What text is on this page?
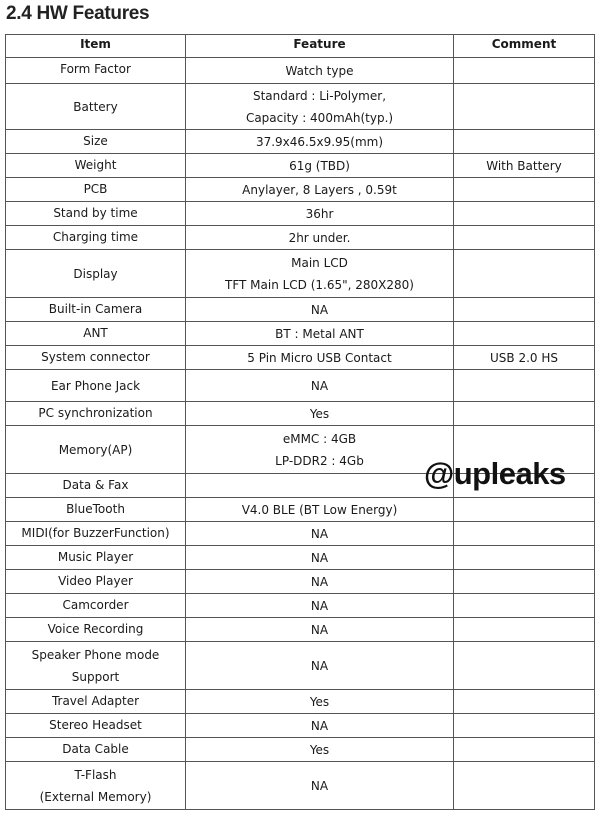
2.4 HW Features
Item	Feature	Comment

Form Factor	Watch type	

Battery	Standard : Li-Polymer,
Capacity : 400mAh(typ.)	

Size	37.9x46.5x9.95(mm)	

Weight	61g (TBD)	With Battery

PCB	Anylayer, 8 Layers , 0.59t	

Stand by time	36hr	

Charging time	2hr under.	

Display	Main LCD
TFT Main LCD (1.65", 280X280)	

Built-in Camera	NA	

ANT	BT : Metal ANT	

System connector	5 Pin Micro USB Contact	USB 2.0 HS

Ear Phone Jack	NA	

PC synchronization	Yes	

Memory(AP)	eMMC : 4GB
LP-DDR2 : 4Gb	

Data & Fax		

BlueTooth	V4.0 BLE (BT Low Energy)	

MIDI(for BuzzerFunction)	NA	

Music Player	NA	

Video Player	NA	

Camcorder	NA	

Voice Recording	NA	

Speaker Phone mode
Support	NA	

Travel Adapter	Yes	

Stereo Headset	NA	

Data Cable	Yes	

T-Flash
(External Memory)	NA	

@upleaks
